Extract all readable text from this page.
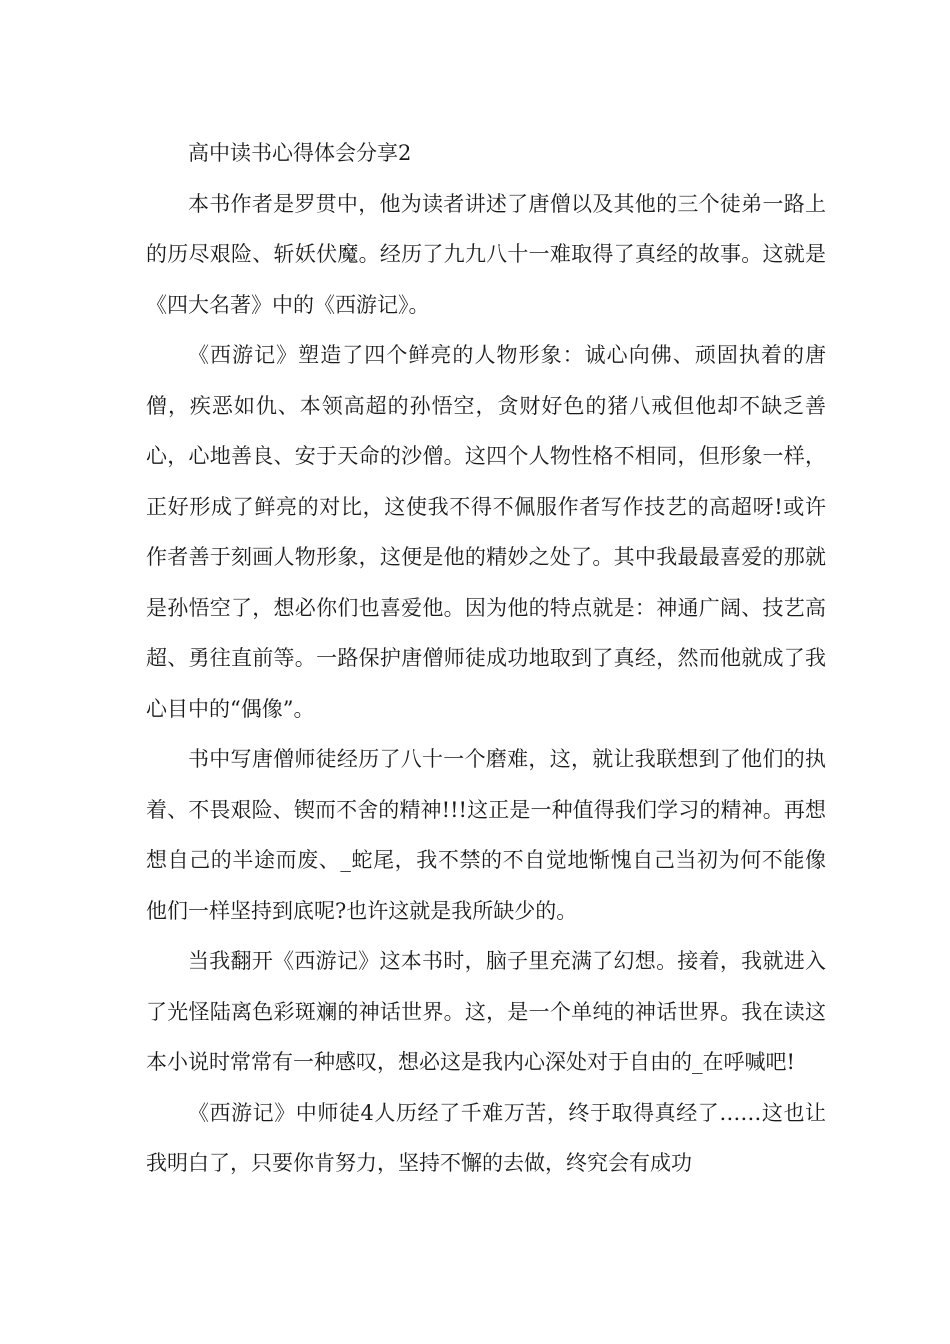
高中读书心得体会分享2

本书作者是罗贯中，他为读者讲述了唐僧以及其他的三个徒弟一路上的历尽艰险、斩妖伏魔。经历了九九八十一难取得了真经的故事。这就是《四大名著》中的《西游记》。

《西游记》塑造了四个鲜亮的人物形象：诚心向佛、顽固执着的唐僧，疾恶如仇、本领高超的孙悟空，贪财好色的猪八戒但他却不缺乏善心，心地善良、安于天命的沙僧。这四个人物性格不相同，但形象一样，正好形成了鲜亮的对比，这使我不得不佩服作者写作技艺的高超呀!或许作者善于刻画人物形象，这便是他的精妙之处了。其中我最最喜爱的那就是孙悟空了，想必你们也喜爱他。因为他的特点就是：神通广阔、技艺高超、勇往直前等。一路保护唐僧师徒成功地取到了真经，然而他就成了我心目中的“偶像”。

书中写唐僧师徒经历了八十一个磨难，这，就让我联想到了他们的执着、不畏艰险、锲而不舍的精神!!!这正是一种值得我们学习的精神。再想想自己的半途而废、_蛇尾，我不禁的不自觉地惭愧自己当初为何不能像他们一样坚持到底呢?也许这就是我所缺少的。

当我翻开《西游记》这本书时，脑子里充满了幻想。接着，我就进入了光怪陆离色彩斑斓的神话世界。这，是一个单纯的神话世界。我在读这本小说时常常有一种感叹，想必这是我内心深处对于自由的_在呼喊吧!

《西游记》中师徒4人历经了千难万苦，终于取得真经了……这也让我明白了，只要你肯努力，坚持不懈的去做，终究会有成功
